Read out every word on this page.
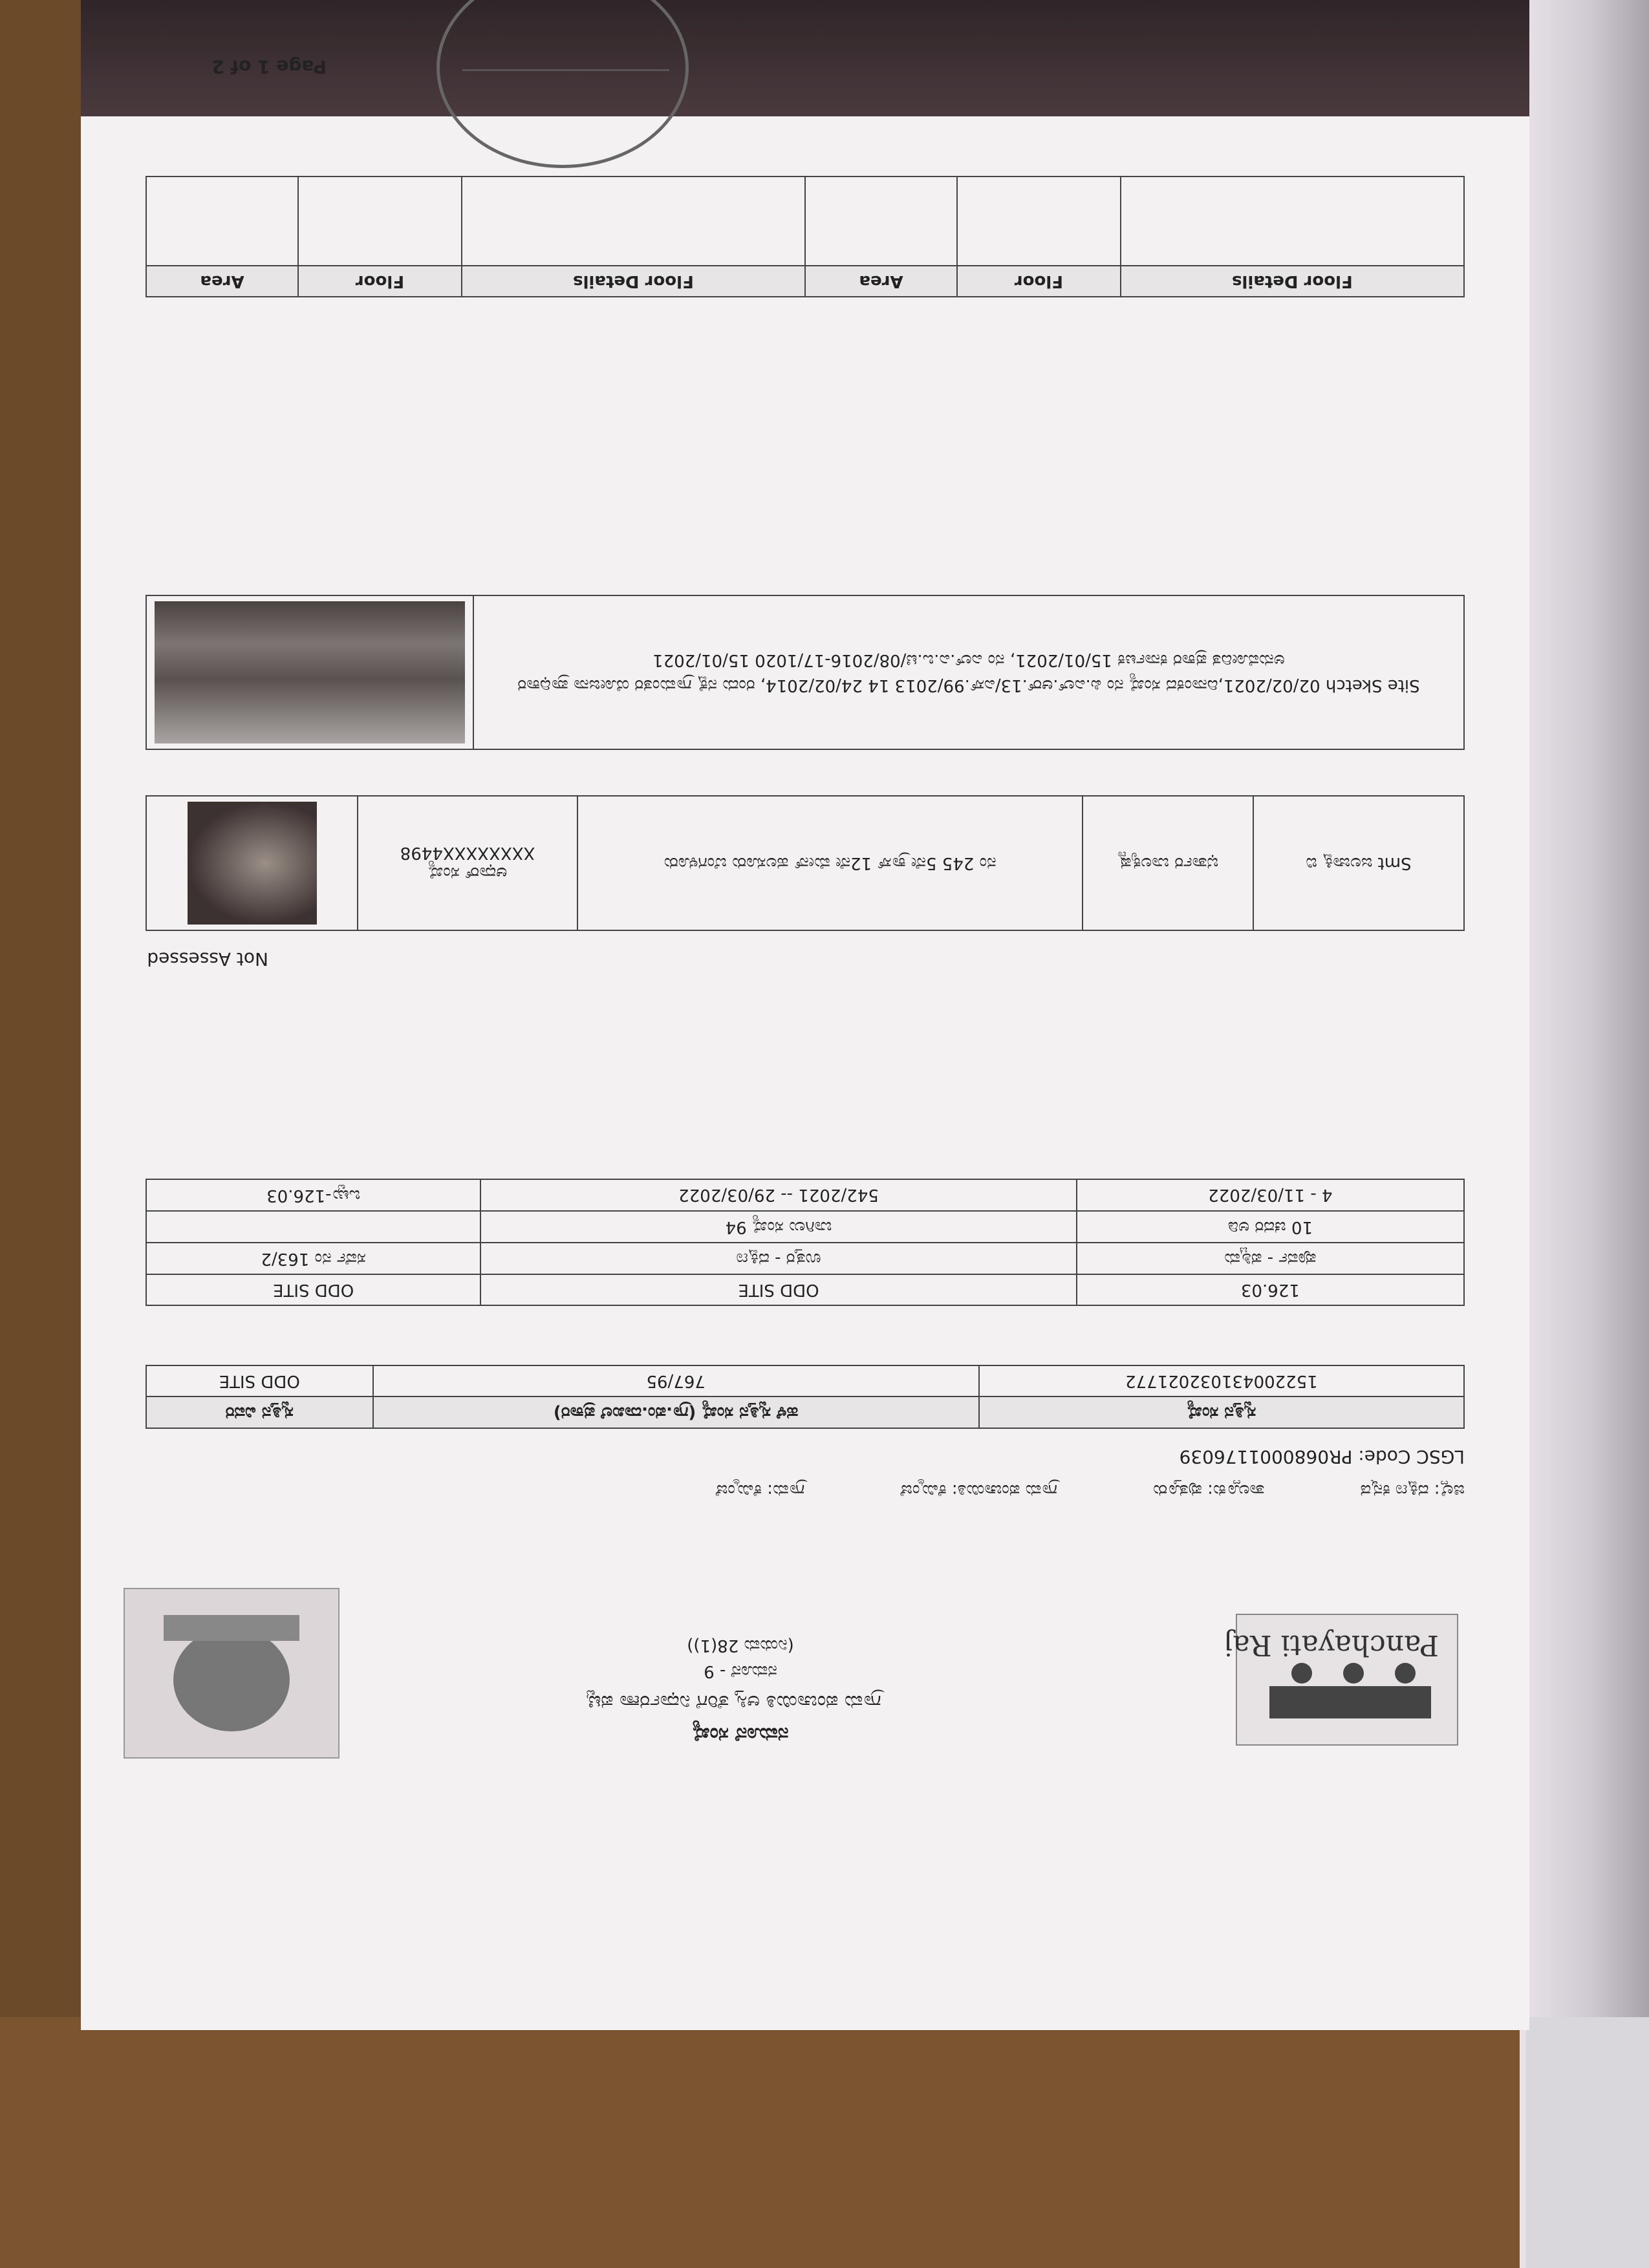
Panchayati Raj
ನಮೂನೆ ಸಂಖ್ಯೆ
ಗ್ರಾಮ ಪಂಚಾಯಿತಿ ಆಸ್ತಿ ತೆರಿಗೆ ನಿರ್ಧಾರಣಾ ಪಟ್ಟಿ
ನಮೂನೆ - 9
(ನಿಯಮ 28(1))
ಜಿಲ್ಲೆ: ದಕ್ಷಿಣ ಕನ್ನಡ ತಾಲ್ಲೂಕು: ಪುತ್ತೂರು ಗ್ರಾಮ ಪಂಚಾಯಿತಿ: ಕೆಮ್ಮಿಂಜೆ ಗ್ರಾಮ: ಕೆಮ್ಮಿಂಜೆ
LGSC Code: PR0680001176039
ಸ್ವತ್ತಿನ ಸಂಖ್ಯೆ	ಹಳೆ ಸ್ವತ್ತಿನ ಸಂಖ್ಯೆ (ಗ್ರಾ.ಪಂ.ದಾಖಲೆ ಪ್ರಕಾರ)	ಸ್ವತ್ತಿನ ವಿವರ
152200431032021772	767/95	ODD SITE
126.03	ODD SITE	ODD SITE
ಪೂರ್ವ - ಪಶ್ಚಿಮ	ಉತ್ತರ - ದಕ್ಷಿಣ	ಸರ್ವೆ ನಂ 163/2
10 ಚದರ ಅಡಿ	ಬಾಗಿಲು ಸಂಖ್ಯೆ 94	
4 - 11/03/2022	542/2021 -- 29/03/2022	ಒಟ್ಟು-126.03
Not Assessed
Smt ಜಲಜಾಕ್ಷಿ ಬಿ	ಭರ್ತಾರ ಬಾಲಕೃಷ್ಣ	ನಂ 245 5ನೇ ಕ್ರಾಸ್ 12ನೇ ಮೇನ್ ಹಲಸೂರು ಬೆಂಗಳೂರು	
ಆಧಾರ್ ಸಂಖ್ಯೆ
XXXXXXXX4498

Site Sketch 02/02/2021,ದಿನಾಂಕದ ಸಂಖ್ಯೆ ನಂ ಪಿ.ಎಲ್.ಆರ್.13/ಎಸ್.99/2013 14 24/02/2014, ರಂದು ನಕ್ಷೆ ಗ್ರಾಮಂತರ ಯೋಜನಾ ಪ್ರಾಧಿಕಾರ ಅನುಮೋದಿತ ಪ್ರಕಾರ ಕರ್ನಾಟಕ 15/01/2021, ನಂ ಎಲ್.ಎ.ಒ.ಟಿ/08/2016-17/1020 15/01/2021	
Floor Details	Floor	Area	Floor Details	Floor	Area

Page 1 of 2
